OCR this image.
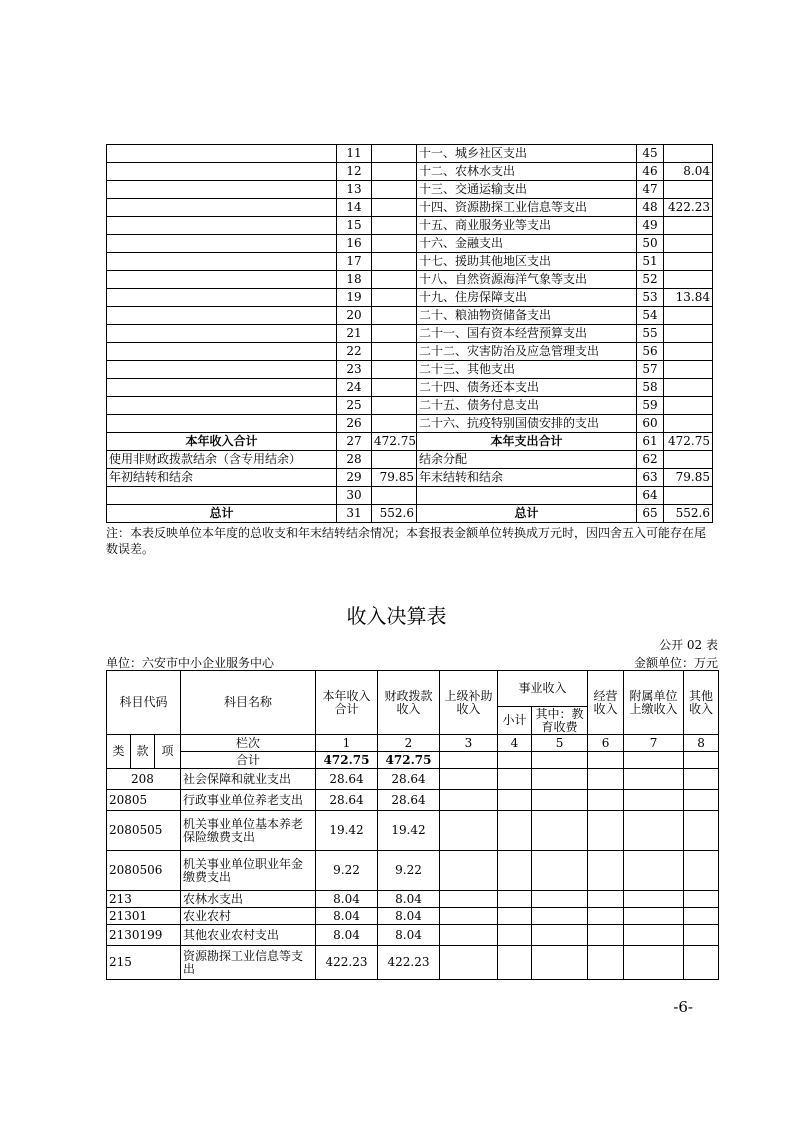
	11		十一、城乡社区支出	45	
	12		十二、农林水支出	46	8.04
	13		十三、交通运输支出	47	
	14		十四、资源勘探工业信息等支出	48	422.23
	15		十五、商业服务业等支出	49	
	16		十六、金融支出	50	
	17		十七、援助其他地区支出	51	
	18		十八、自然资源海洋气象等支出	52	
	19		十九、住房保障支出	53	13.84
	20		二十、粮油物资储备支出	54	
	21		二十一、国有资本经营预算支出	55	
	22		二十二、灾害防治及应急管理支出	56	
	23		二十三、其他支出	57	
	24		二十四、债务还本支出	58	
	25		二十五、债务付息支出	59	
	26		二十六、抗疫特别国债安排的支出	60	
本年收入合计	27	472.75	本年支出合计	61	472.75
使用非财政拨款结余（含专用结余）	28		结余分配	62	
年初结转和结余	29	79.85	年末结转和结余	63	79.85
	30			64	
总计	31	552.6	总计	65	552.6
注：本表反映单位本年度的总收支和年末结转结余情况；本套报表金额单位转换成万元时，因四舍五入可能存在尾数误差。
收入决算表
公开 02 表
单位：六安市中小企业服务中心	金额单位：万元
科目代码			科目名称	本年收入合计	财政拨款收入	上级补助收入	事业收入		经营收入	附属单位上缴收入	其他收入
							小计	其中：教育收费			
类	款	项	栏次	1	2	3	4	5	6	7	8
			合计	472.75	472.75						
208			社会保障和就业支出	28.64	28.64						
20805			行政事业单位养老支出	28.64	28.64						
2080505			机关事业单位基本养老保险缴费支出	19.42	19.42						
2080506			机关事业单位职业年金缴费支出	9.22	9.22						
213			农林水支出	8.04	8.04						
21301			农业农村	8.04	8.04						
2130199			其他农业农村支出	8.04	8.04						
215			资源勘探工业信息等支出	422.23	422.23						
-6-
